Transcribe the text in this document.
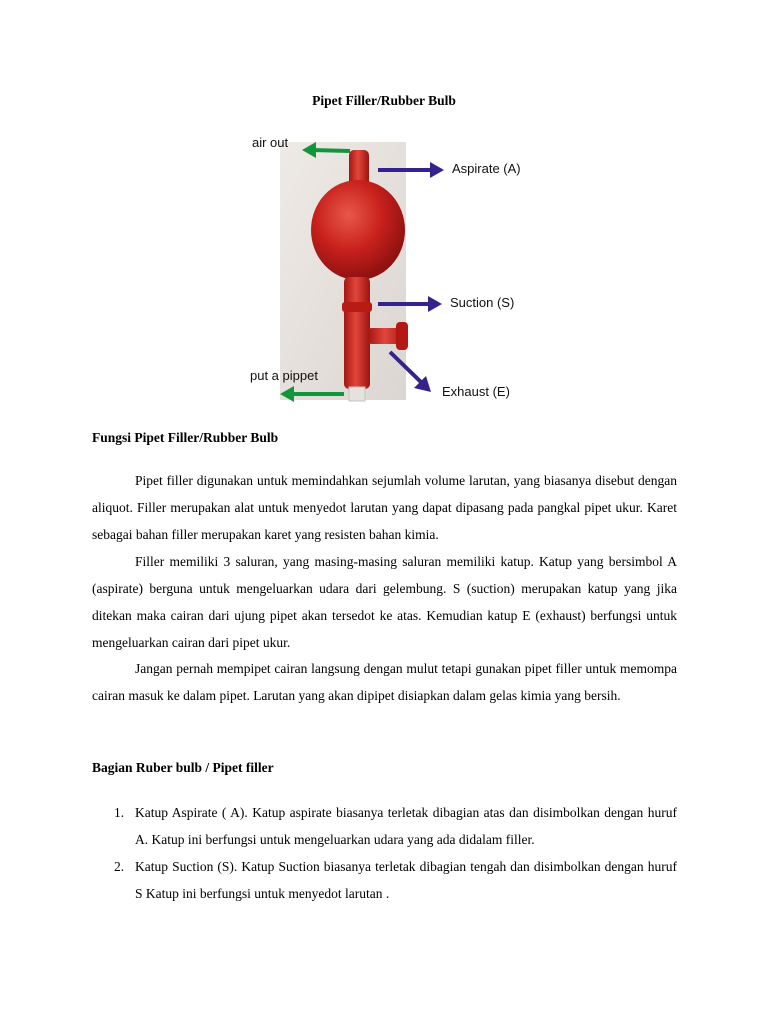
Pipet Filler/Rubber Bulb
air out
Aspirate (A)
Suction (S)
put a pippet
Exhaust (E)
Fungsi Pipet Filler/Rubber Bulb

Pipet filler digunakan untuk memindahkan sejumlah volume larutan, yang biasanya disebut dengan aliquot. Filler merupakan alat untuk menyedot larutan yang dapat dipasang pada pangkal pipet ukur. Karet sebagai bahan filler merupakan karet yang resisten bahan kimia.

Filler memiliki 3 saluran, yang masing-masing saluran memiliki katup. Katup yang bersimbol A (aspirate) berguna untuk mengeluarkan udara dari gelembung. S (suction) merupakan katup yang jika ditekan maka cairan dari ujung pipet akan tersedot ke atas. Kemudian katup E (exhaust) berfungsi untuk mengeluarkan cairan dari pipet ukur.

Jangan pernah mempipet cairan langsung dengan mulut tetapi gunakan pipet filler untuk memompa cairan masuk ke dalam pipet. Larutan yang akan dipipet disiapkan dalam gelas kimia yang bersih.

Bagian Ruber bulb / Pipet filler
1. Katup Aspirate ( A). Katup aspirate biasanya terletak dibagian atas dan disimbolkan dengan huruf A. Katup ini berfungsi untuk mengeluarkan udara yang ada didalam filler.
2. Katup Suction (S). Katup Suction biasanya terletak dibagian tengah dan disimbolkan dengan huruf S Katup ini berfungsi untuk menyedot larutan .
